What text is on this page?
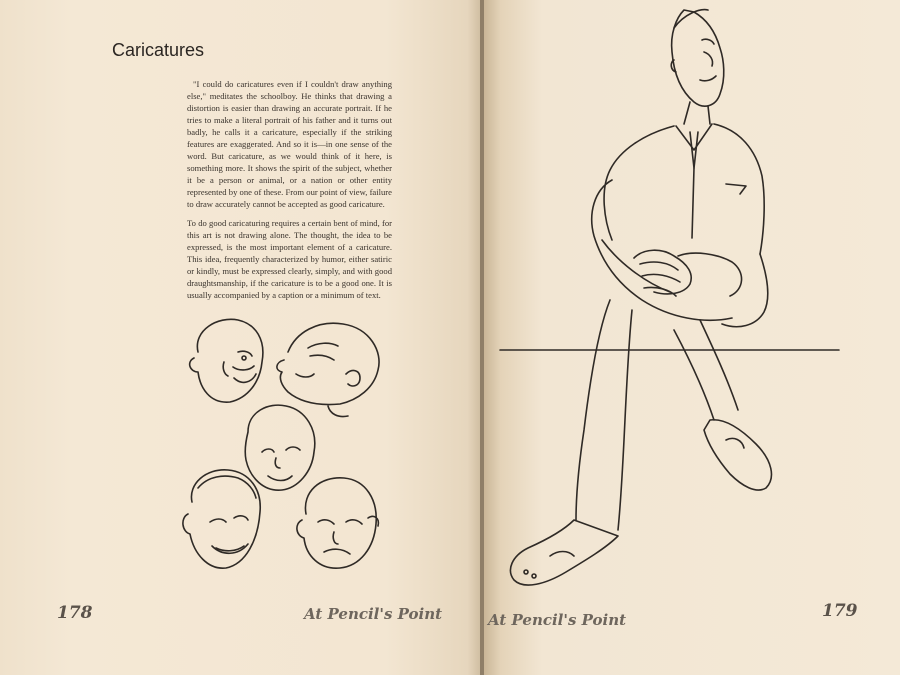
Caricatures

"I could do caricatures even if I couldn't draw anything else," meditates the schoolboy. He thinks that drawing a distortion is easier than drawing an accurate portrait. If he tries to make a literal portrait of his father and it turns out badly, he calls it a caricature, especially if the striking features are exaggerated. And so it is—in one sense of the word. But caricature, as we would think of it here, is something more. It shows the spirit of the subject, whether it be a person or animal, or a nation or other entity represented by one of these. From our point of view, failure to draw accurately cannot be accepted as good caricature.

To do good caricaturing requires a certain bent of mind, for this art is not drawing alone. The thought, the idea to be expressed, is the most important element of a caricature. This idea, frequently characterized by humor, either satiric or kindly, must be expressed clearly, simply, and with good draughtsmanship, if the caricature is to be a good one. It is usually accompanied by a caption or a minimum of text.

178	At Pencil's Point	At Pencil's Point	179
